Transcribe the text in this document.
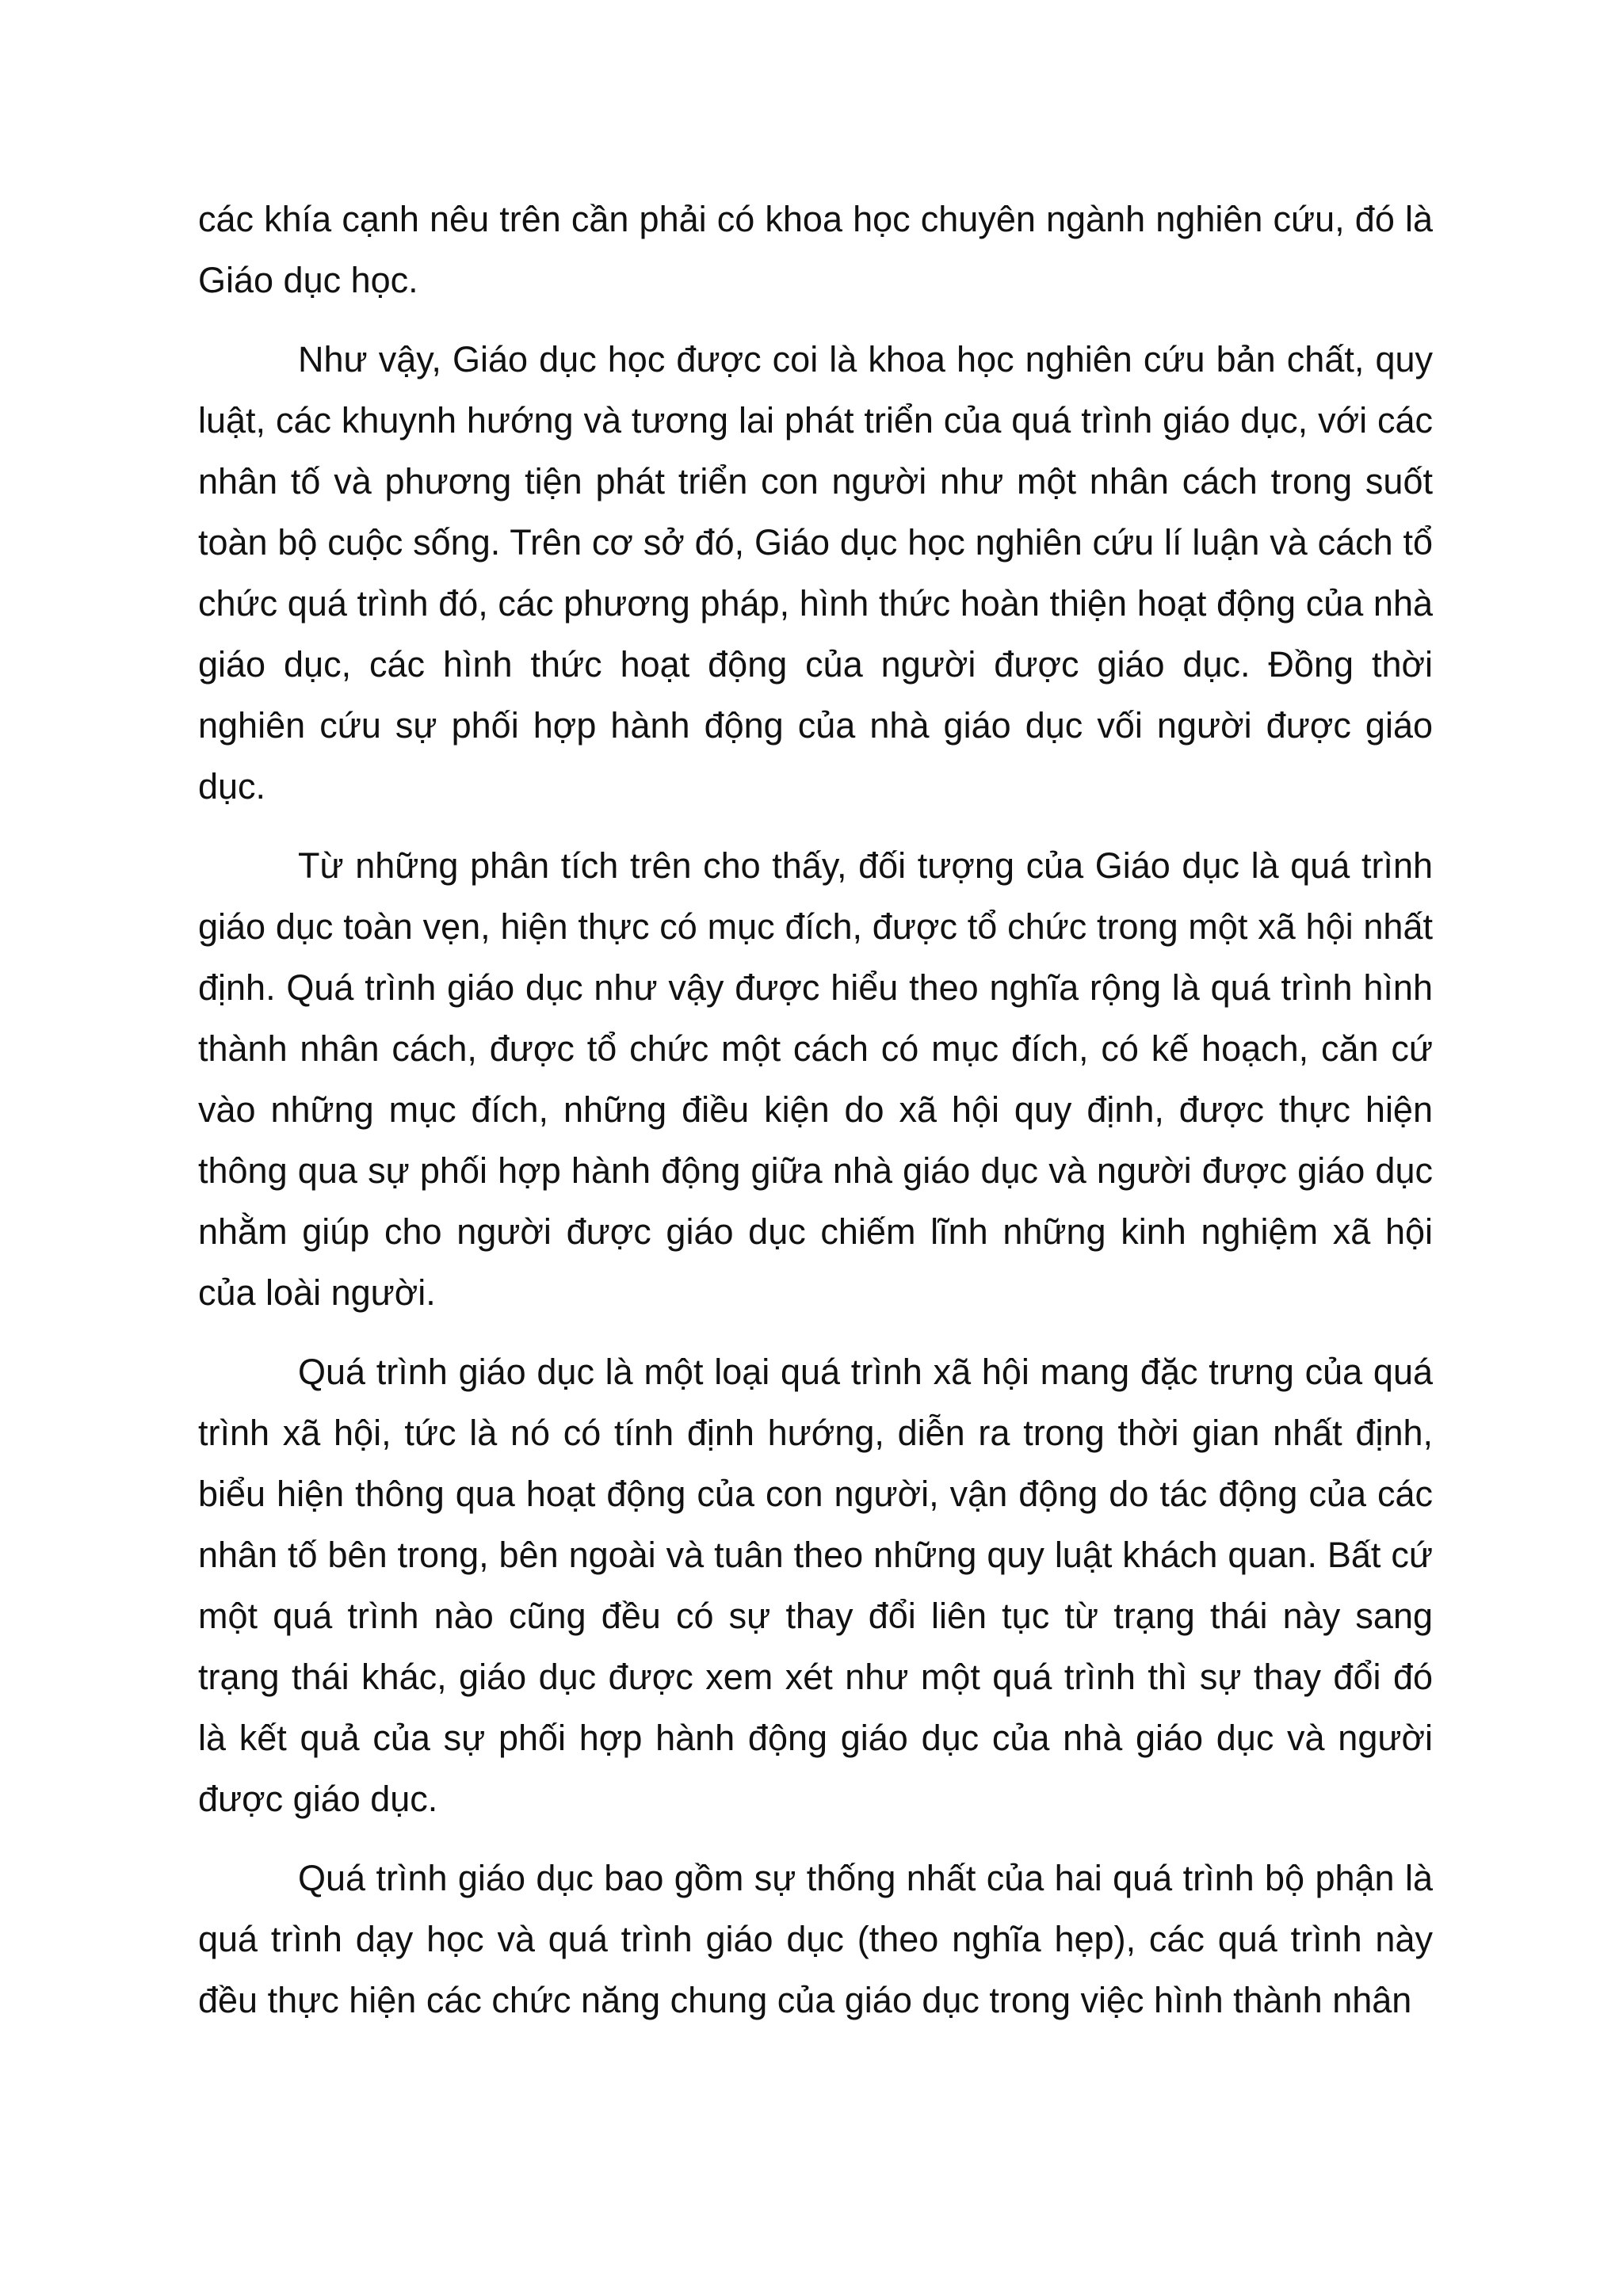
các khía cạnh nêu trên cần phải có khoa học chuyên ngành nghiên cứu, đó là Giáo dục học.

Như vậy, Giáo dục học được coi là khoa học nghiên cứu bản chất, quy luật, các khuynh hướng và tương lai phát triển của quá trình giáo dục, với các nhân tố và phương tiện phát triển con người như một nhân cách trong suốt toàn bộ cuộc sống. Trên cơ sở đó, Giáo dục học nghiên cứu lí luận và cách tổ chức quá trình đó, các phương pháp, hình thức hoàn thiện hoạt động của nhà giáo dục, các hình thức hoạt động của người được giáo dục. Đồng thời nghiên cứu sự phối hợp hành động của nhà giáo dục vối người được giáo dục.

Từ những phân tích trên cho thấy, đối tượng của Giáo dục là quá trình giáo dục toàn vẹn, hiện thực có mục đích, được tổ chức trong một xã hội nhất định. Quá trình giáo dục như vậy được hiểu theo nghĩa rộng là quá trình hình thành nhân cách, được tổ chức một cách có mục đích, có kế hoạch, căn cứ vào những mục đích, những điều kiện do xã hội quy định, được thực hiện thông qua sự phối hợp hành động giữa nhà giáo dục và người được giáo dục nhằm giúp cho người được giáo dục chiếm lĩnh những kinh nghiệm xã hội của loài người.

Quá trình giáo dục là một loại quá trình xã hội mang đặc trưng của quá trình xã hội, tức là nó có tính định hướng, diễn ra trong thời gian nhất định, biểu hiện thông qua hoạt động của con người, vận động do tác động của các nhân tố bên trong, bên ngoài và tuân theo những quy luật khách quan. Bất cứ một quá trình nào cũng đều có sự thay đổi liên tục từ trạng thái này sang trạng thái khác, giáo dục được xem xét như một quá trình thì sự thay đổi đó là kết quả của sự phối hợp hành động giáo dục của nhà giáo dục và người được giáo dục.

Quá trình giáo dục bao gồm sự thống nhất của hai quá trình bộ phận là quá trình dạy học và quá trình giáo dục (theo nghĩa hẹp), các quá trình này đều thực hiện các chức năng chung của giáo dục trong việc hình thành nhân
